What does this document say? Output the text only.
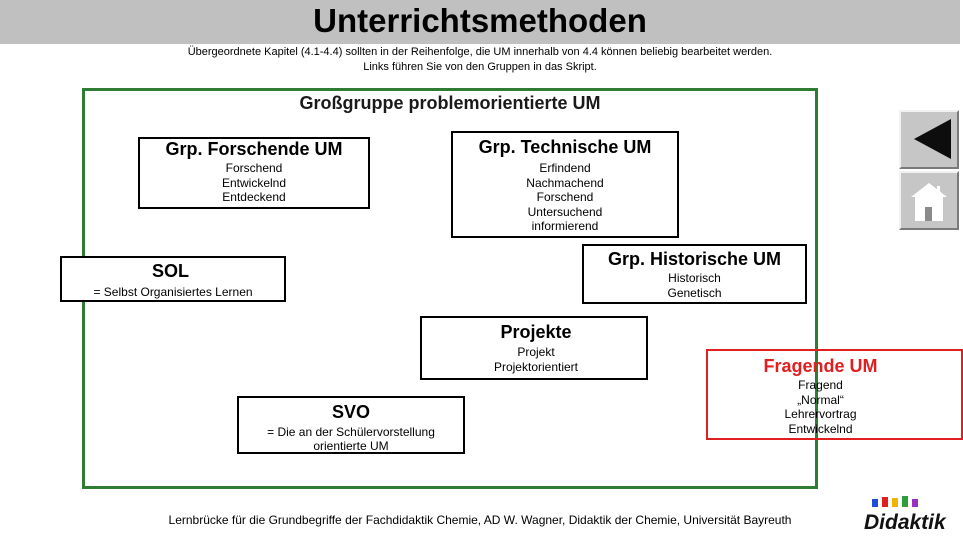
Unterrichtsmethoden
Übergeordnete Kapitel (4.1-4.4) sollten in der Reihenfolge, die UM innerhalb von 4.4 können beliebig bearbeitet werden.
Links führen Sie von den Gruppen in das Skript.
Großgruppe problemorientierte UM
Grp. Forschende UM
Forschend
Entwickelnd
Entdeckend
Grp. Technische UM
Erfindend
Nachmachend
Forschend
Untersuchend
informierend
SOL
= Selbst Organisiertes Lernen
Grp. Historische UM
Historisch
Genetisch
Projekte
Projekt
Projektorientiert
SVO
= Die an der Schülervorstellung
orientierte UM
Fragende UM
Fragend
„Normal“
Lehrervortrag
Entwickelnd
Lernbrücke für die Grundbegriffe der Fachdidaktik Chemie, AD W. Wagner, Didaktik der Chemie, Universität Bayreuth	Didaktik
